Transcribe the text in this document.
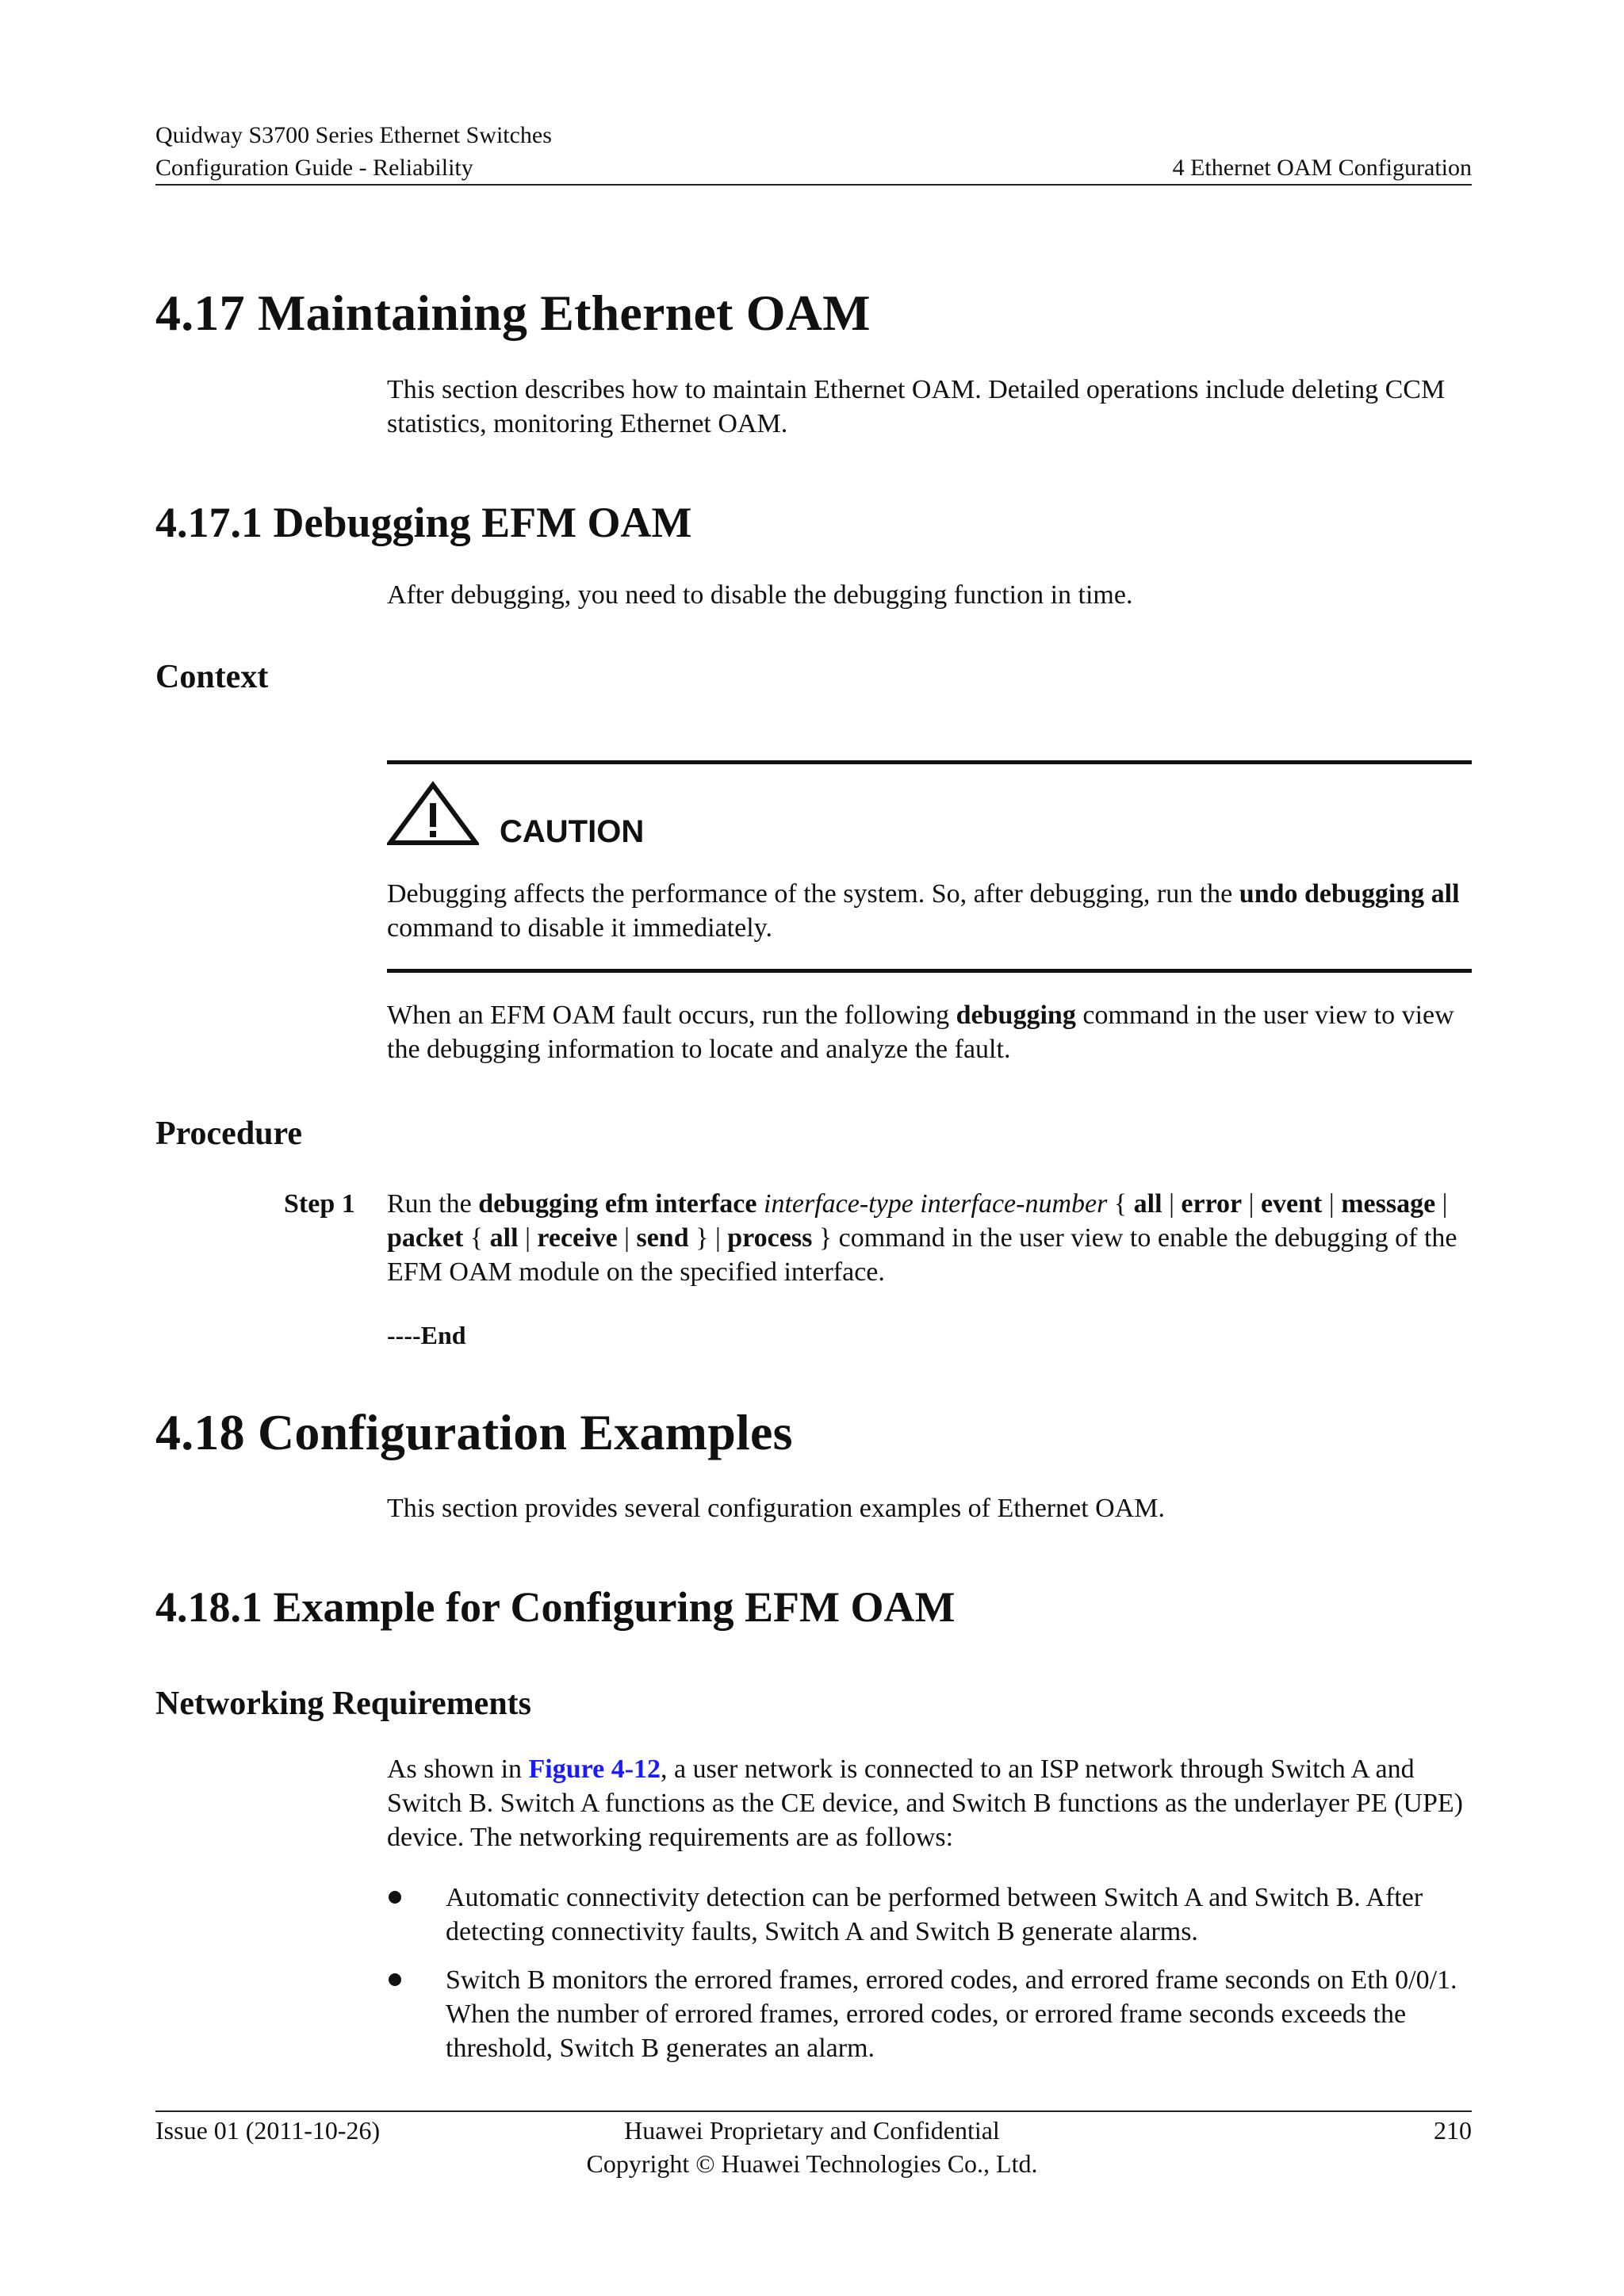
Quidway S3700 Series Ethernet Switches
Configuration Guide - Reliability	4 Ethernet OAM Configuration
4.17 Maintaining Ethernet OAM
This section describes how to maintain Ethernet OAM. Detailed operations include deleting CCM statistics, monitoring Ethernet OAM.
4.17.1 Debugging EFM OAM
After debugging, you need to disable the debugging function in time.
Context
CAUTION
Debugging affects the performance of the system. So, after debugging, run the undo debugging all command to disable it immediately.
When an EFM OAM fault occurs, run the following debugging command in the user view to view the debugging information to locate and analyze the fault.
Procedure
Step 1 Run the debugging efm interface interface-type interface-number { all | error | event | message | packet { all | receive | send } | process } command in the user view to enable the debugging of the EFM OAM module on the specified interface.
----End
4.18 Configuration Examples
This section provides several configuration examples of Ethernet OAM.
4.18.1 Example for Configuring EFM OAM
Networking Requirements
As shown in Figure 4-12, a user network is connected to an ISP network through Switch A and Switch B. Switch A functions as the CE device, and Switch B functions as the underlayer PE (UPE) device. The networking requirements are as follows:
Automatic connectivity detection can be performed between Switch A and Switch B. After detecting connectivity faults, Switch A and Switch B generate alarms.
Switch B monitors the errored frames, errored codes, and errored frame seconds on Eth 0/0/1. When the number of errored frames, errored codes, or errored frame seconds exceeds the threshold, Switch B generates an alarm.
Issue 01 (2011-10-26)	Huawei Proprietary and Confidential
Copyright © Huawei Technologies Co., Ltd.
210
